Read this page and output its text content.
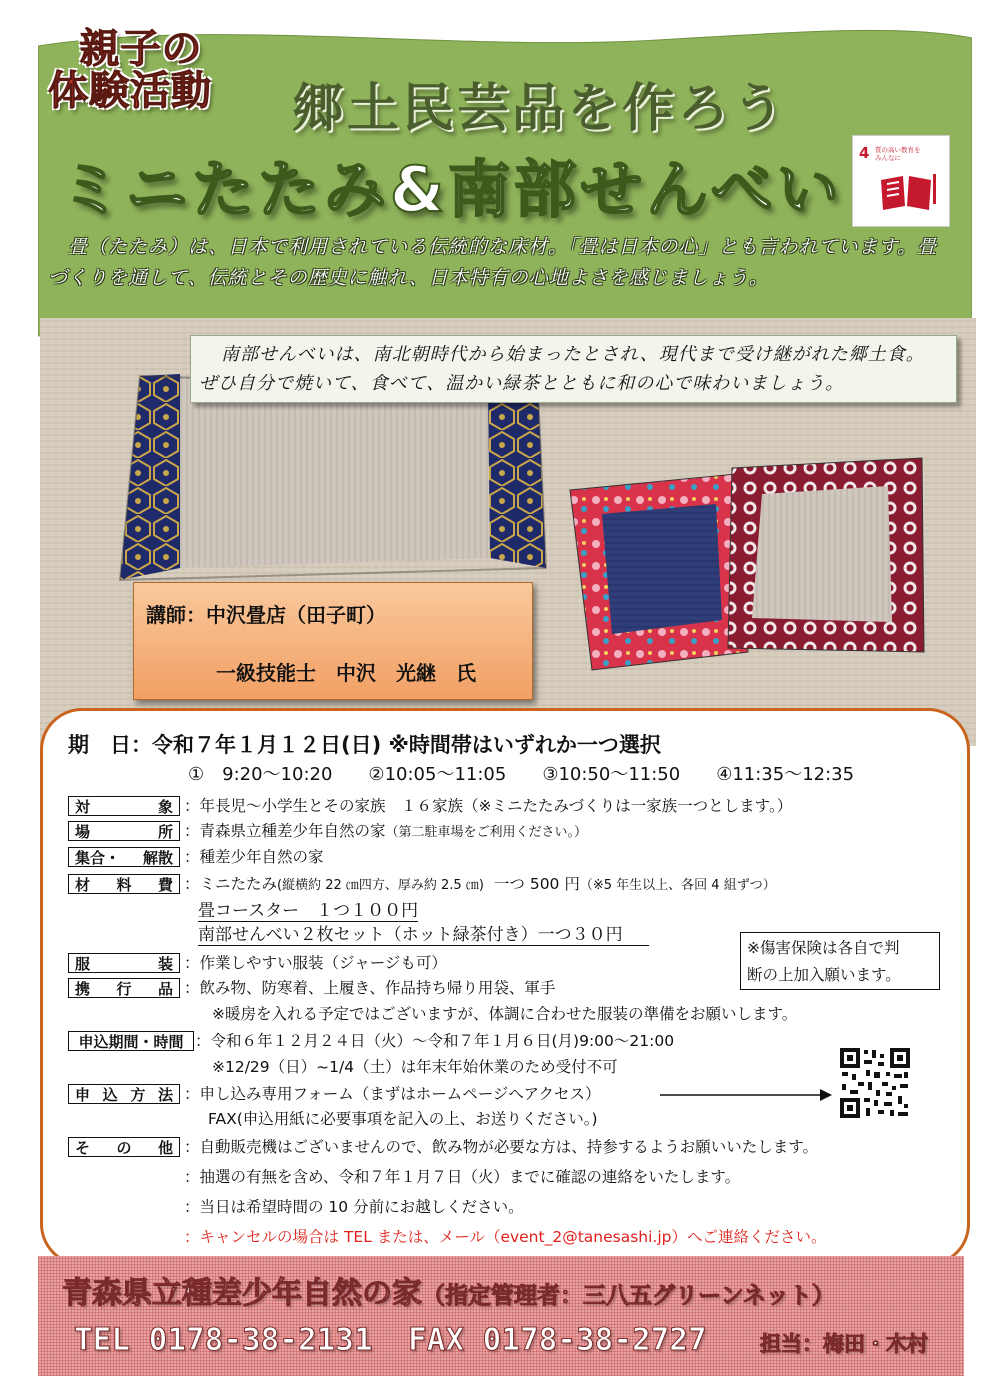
親子の
体験活動 郷土民芸品を作ろう
ミニたたみ&南部せんべい 4 質の高い教育を
みんなに
畳（たたみ）は、日本で利用されている伝統的な床材。「畳は日本の心」とも言われています。畳
づくりを通して、伝統とその歴史に触れ、日本特有の心地よさを感じましょう。
南部せんべいは、南北朝時代から始まったとされ、現代まで受け継がれた郷土食。
ぜひ自分で焼いて、食べて、温かい緑茶とともに和の心で味わいましょう。
講師：中沢畳店（田子町）
一級技能士　中沢　光継　氏
期　日：令和７年１月１２日(日) ※時間帯はいずれか一つ選択
①　9:20～10:20　　②10:05～11:05　　③10:50～11:50　　④11:35～12:35
対	象 ：年長児～小学生とその家族　１６家族（※ミニたたみづくりは一家族一つとします。）
場	所 ：青森県立種差少年自然の家（第二駐車場をご利用ください。）
集合・ 解散 ：種差少年自然の家
材 料 費 ：ミニたたみ(縦横約 22 ㎝四方、厚み約 2.5 ㎝) 一つ 500 円（※5 年生以上、各回 4 組ずつ）
畳コースター　１つ１００円
南部せんべい２枚セット（ホット緑茶付き）一つ３０円
※傷害保険は各自で判
断の上加入願います。
服	装 ：作業しやすい服装（ジャージも可）
携 行 品 ：飲み物、防寒着、上履き、作品持ち帰り用袋、軍手
※暖房を入れる予定ではございますが、体調に合わせた服装の準備をお願いします。
申込期間・時間 ：令和６年１２月２４日（火）～令和７年１月６日(月)9:00～21:00
※12/29（日）~1/4（土）は年末年始休業のため受付不可
申 込 方 法 ：申し込み専用フォーム（まずはホームページへアクセス）
FAX(申込用紙に必要事項を記入の上、お送りください。)
そ の 他 ：自動販売機はございませんので、飲み物が必要な方は、持参するようお願いいたします。
：抽選の有無を含め、令和７年１月７日（火）までに確認の連絡をいたします。
：当日は希望時間の 10 分前にお越しください。
：キャンセルの場合は TEL または、メール（event_2@tanesashi.jp）へご連絡ください。
青森県立種差少年自然の家（指定管理者：三八五グリーンネット）
TEL 0178-38-2131 FAX 0178-38-2727	担当：梅田・木村
